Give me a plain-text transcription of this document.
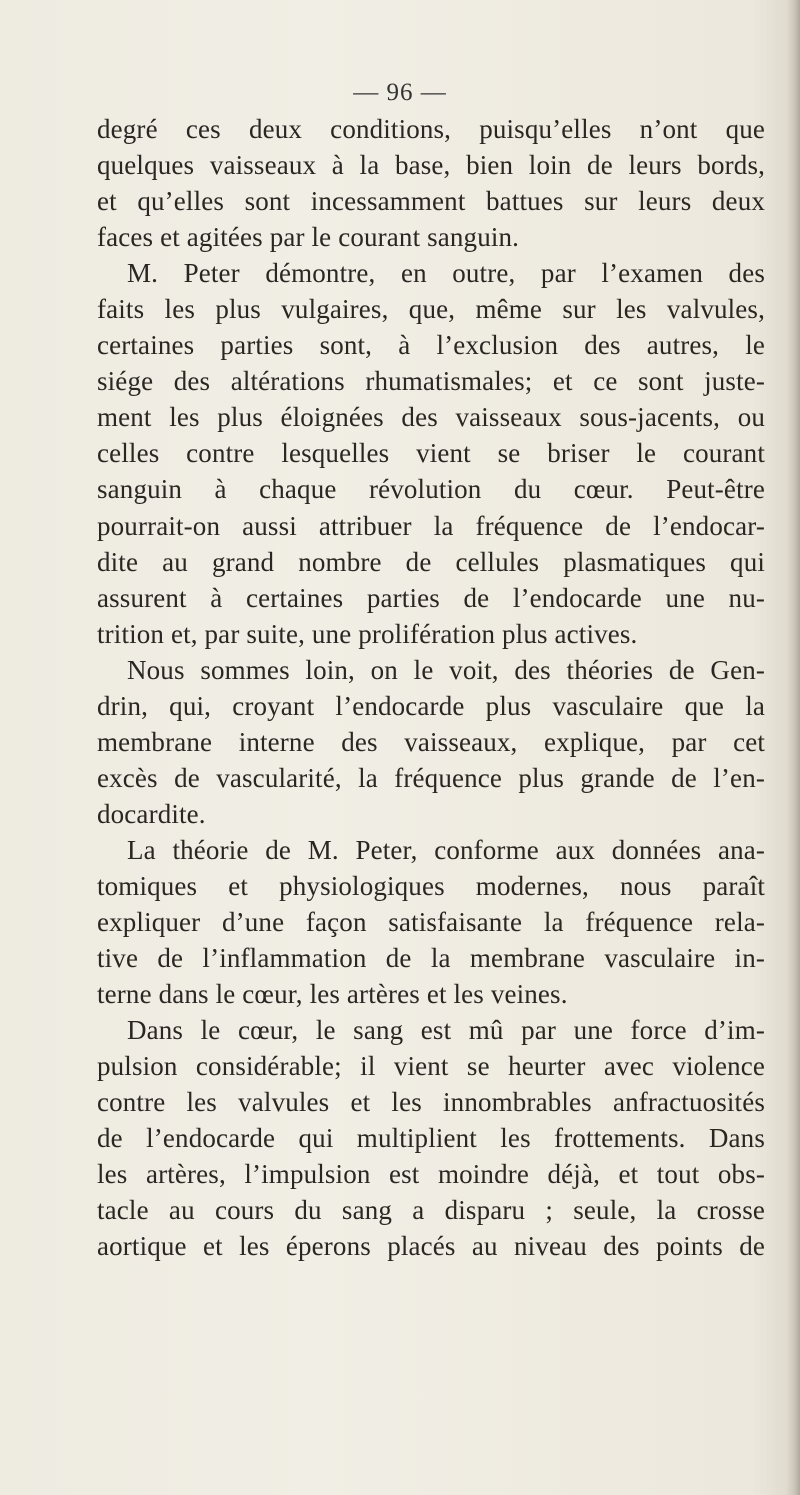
— 96 —
degré ces deux conditions, puisqu’elles n’ont que
quelques vaisseaux à la base, bien loin de leurs bords,
et qu’elles sont incessamment battues sur leurs deux
faces et agitées par le courant sanguin.
M. Peter démontre, en outre, par l’examen des
faits les plus vulgaires, que, même sur les valvules,
certaines parties sont, à l’exclusion des autres, le
siége des altérations rhumatismales; et ce sont juste-
ment les plus éloignées des vaisseaux sous-jacents, ou
celles contre lesquelles vient se briser le courant
sanguin à chaque révolution du cœur. Peut-être
pourrait-on aussi attribuer la fréquence de l’endocar-
dite au grand nombre de cellules plasmatiques qui
assurent à certaines parties de l’endocarde une nu-
trition et, par suite, une prolifération plus actives.
Nous sommes loin, on le voit, des théories de Gen-
drin, qui, croyant l’endocarde plus vasculaire que la
membrane interne des vaisseaux, explique, par cet
excès de vascularité, la fréquence plus grande de l’en-
docardite.
La théorie de M. Peter, conforme aux données ana-
tomiques et physiologiques modernes, nous paraît
expliquer d’une façon satisfaisante la fréquence rela-
tive de l’inflammation de la membrane vasculaire in-
terne dans le cœur, les artères et les veines.
Dans le cœur, le sang est mû par une force d’im-
pulsion considérable; il vient se heurter avec violence
contre les valvules et les innombrables anfractuosités
de l’endocarde qui multiplient les frottements. Dans
les artères, l’impulsion est moindre déjà, et tout obs-
tacle au cours du sang a disparu ; seule, la crosse
aortique et les éperons placés au niveau des points de
